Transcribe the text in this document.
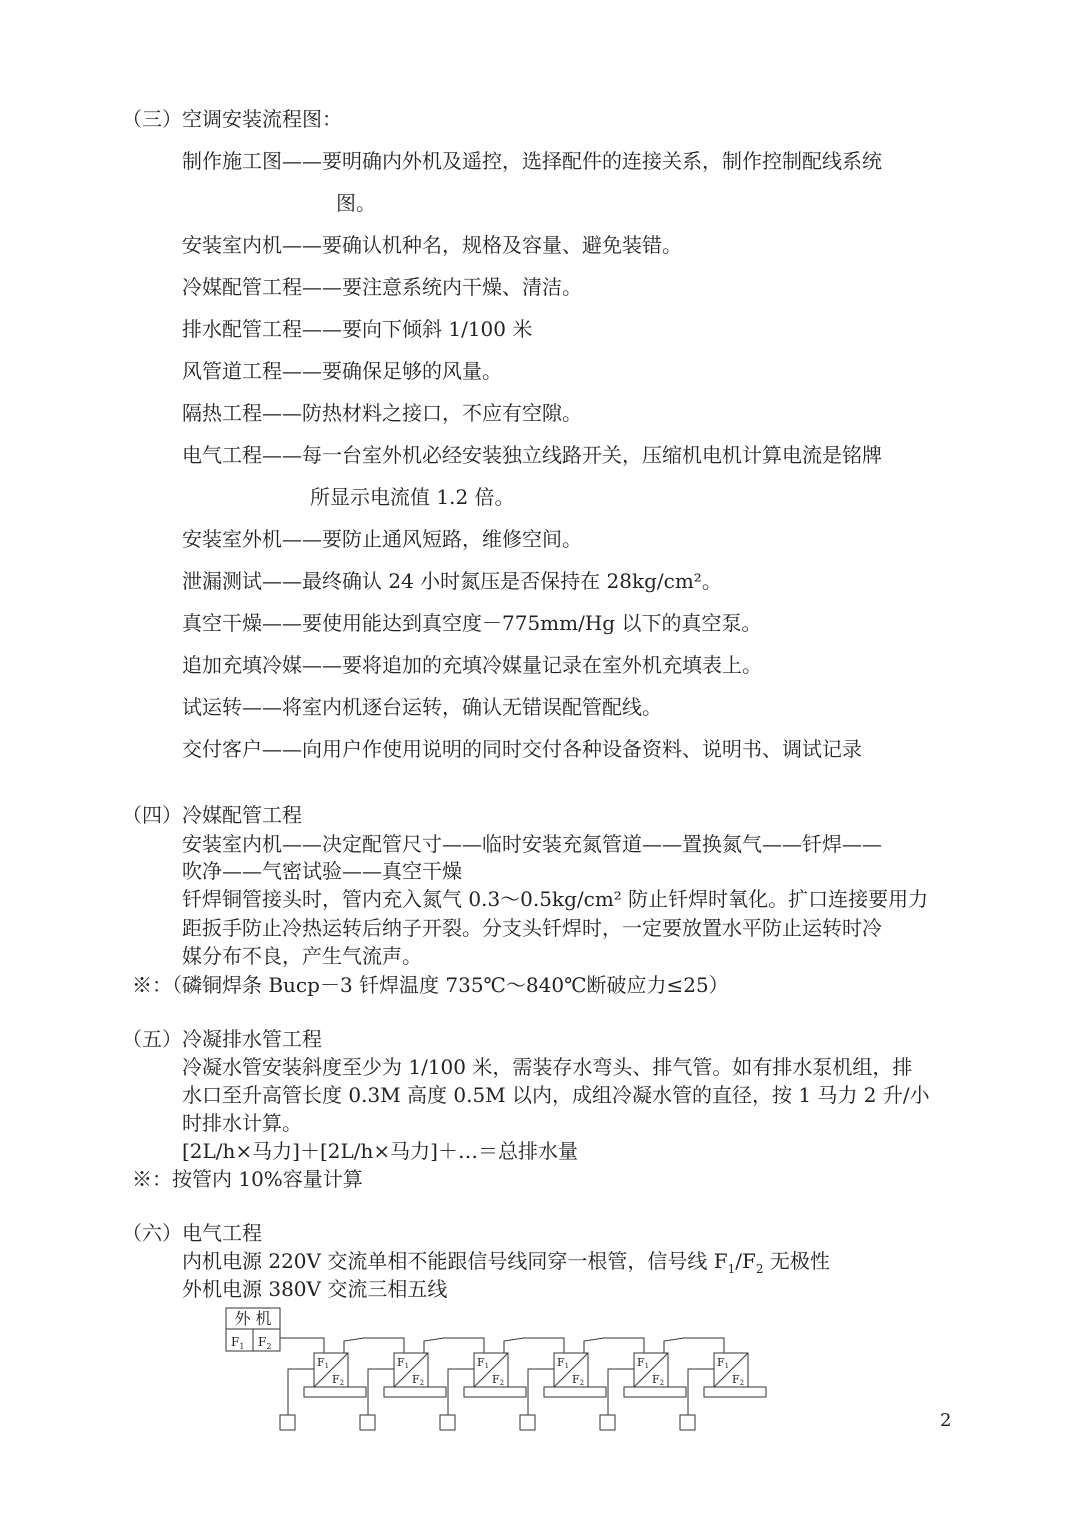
（三）空调安装流程图：
制作施工图——要明确内外机及遥控，选择配件的连接关系，制作控制配线系统
图。
安装室内机——要确认机种名，规格及容量、避免装错。
冷媒配管工程——要注意系统内干燥、清洁。
排水配管工程——要向下倾斜 1/100 米
风管道工程——要确保足够的风量。
隔热工程——防热材料之接口，不应有空隙。
电气工程——每一台室外机必经安装独立线路开关，压缩机电机计算电流是铭牌
所显示电流值 1.2 倍。
安装室外机——要防止通风短路，维修空间。
泄漏测试——最终确认 24 小时氮压是否保持在 28kg/cm²。
真空干燥——要使用能达到真空度－775mm/Hg 以下的真空泵。
追加充填冷媒——要将追加的充填冷媒量记录在室外机充填表上。
试运转——将室内机逐台运转，确认无错误配管配线。
交付客户——向用户作使用说明的同时交付各种设备资料、说明书、调试记录
（四）冷媒配管工程
安装室内机——决定配管尺寸——临时安装充氮管道——置换氮气——钎焊——
吹净——气密试验——真空干燥
钎焊铜管接头时，管内充入氮气 0.3～0.5kg/cm² 防止钎焊时氧化。扩口连接要用力
距扳手防止冷热运转后纳子开裂。分支头钎焊时，一定要放置水平防止运转时冷
媒分布不良，产生气流声。
※：（磷铜焊条 Bucp－3 钎焊温度 735℃～840℃断破应力≤25）
（五）冷凝排水管工程
冷凝水管安装斜度至少为 1/100 米，需装存水弯头、排气管。如有排水泵机组，排
水口至升高管长度 0.3M 高度 0.5M 以内，成组冷凝水管的直径，按 1 马力 2 升/小
时排水计算。
[2L/h×马力]＋[2L/h×马力]＋…＝总排水量
※：按管内 10%容量计算
（六）电气工程
内机电源 220V 交流单相不能跟信号线同穿一根管，信号线 $F_1/F_2$ 无极性
外机电源 380V 交流三相五线
外 机
$F_1$ $F_2$
F1
F2
F1
F2
F1
F2
F1
F2
F1
F2
F1
F2
2
